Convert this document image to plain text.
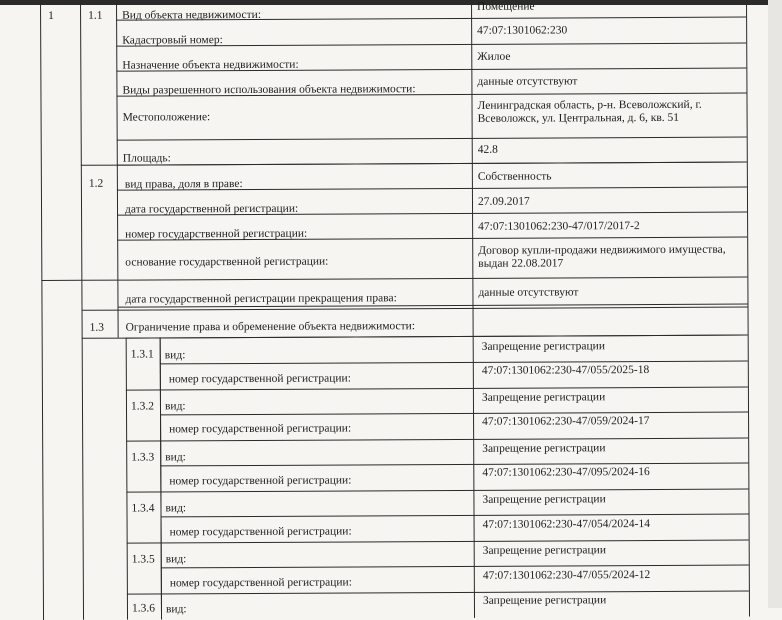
1	1.1 Вид объекта недвижимости:
Помещение
Кадастровый номер:
47:07:1301062:230
Назначение объекта недвижимости:
Жилое
Виды разрешенного использования объекта недвижимости:
данные отсутствуют
Местоположение:
Ленинградская область, р-н. Всеволожский, г. Всеволожск, ул. Центральная, д. 6, кв. 51
Площадь:
42.8
1.2 вид права, доля в праве:
Собственность
дата государственной регистрации:
27.09.2017
номер государственной регистрации:
47:07:1301062:230-47/017/2017-2
основание государственной регистрации:
Договор купли-продажи недвижимого имущества, выдан 22.08.2017
дата государственной регистрации прекращения права:	данные отсутствуют
1.3 Ограничение права и обременение объекта недвижимости:
1.3.1 вид:
Запрещение регистрации
номер государственной регистрации:
47:07:1301062:230-47/055/2025-18
1.3.2 вид:
Запрещение регистрации
номер государственной регистрации:
47:07:1301062:230-47/059/2024-17
1.3.3 вид:
Запрещение регистрации
номер государственной регистрации:
47:07:1301062:230-47/095/2024-16
1.3.4 вид:
Запрещение регистрации
номер государственной регистрации:
47:07:1301062:230-47/054/2024-14
1.3.5 вид:
Запрещение регистрации
номер государственной регистрации:
47:07:1301062:230-47/055/2024-12
1.3.6 вид:
Запрещение регистрации
